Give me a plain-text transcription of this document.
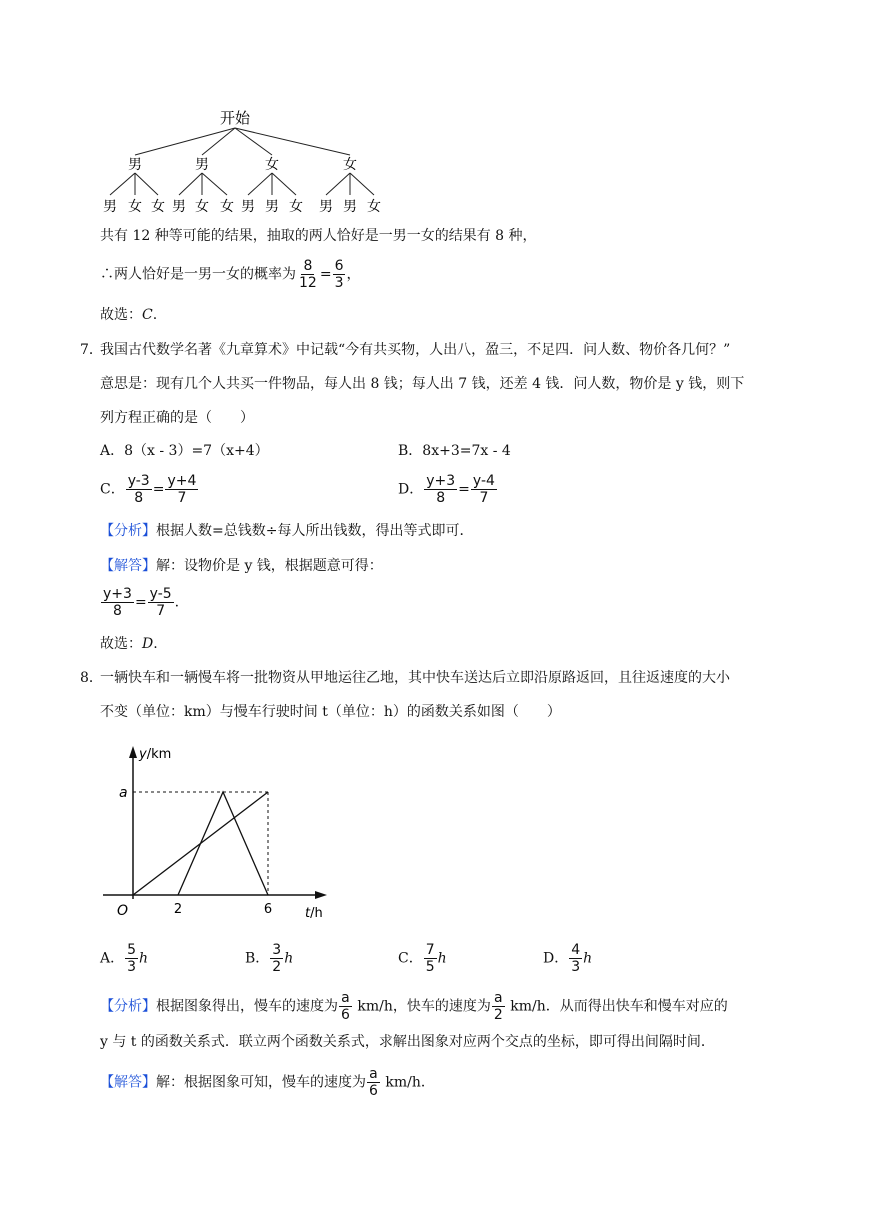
开始
男	男	女	女
男 女 女 男 女 女 男 男 女 男 男 女
共有 12 种等可能的结果，抽取的两人恰好是一男一女的结果有 8 种，
∴两人恰好是一男一女的概率为 $\frac{8}{12} = \frac{6}{3}$ ，
故选：C.
7．
我国古代数学名著《九章算术》中记载“今有共买物，人出八，盈三，不足四．问人数、物价各几何？”
意思是：现有几个人共买一件物品，每人出 8 钱；每人出 7 钱，还差 4 钱．问人数，物价是 y 钱，则下
列方程正确的是（　　）
A．8（x - 3）=7（x+4）	B．8x+3=7x - 4
C． $\frac{y-3}{8} = \frac{y+4}{7}$	D． $\frac{y+3}{8} = \frac{y-4}{7}$
【分析】根据人数=总钱数÷每人所出钱数，得出等式即可．
【解答】解：设物价是 y 钱，根据题意可得：
$\frac{y+3}{8} = \frac{y-5}{7}$ .
故选：D.
8．
一辆快车和一辆慢车将一批物资从甲地运往乙地，其中快车送达后立即沿原路返回，且往返速度的大小
不变（单位：km）与慢车行驶时间 t（单位：h）的函数关系如图（　　）
y/km
t/h
O
a
2	6
A． $\frac{5}{3}$ h	B． $\frac{3}{2}$ h	C． $\frac{7}{5}$ h	D． $\frac{4}{3}$ h
【分析】根据图象得出，慢车的速度为 $\frac{a}{6} km/h$，快车的速度为 $\frac{a}{2} km/h$．从而得出快车和慢车对应的
y 与 t 的函数关系式．联立两个函数关系式，求解出图象对应两个交点的坐标，即可得出间隔时间．
【解答】解：根据图象可知，慢车的速度为 $\frac{a}{6} km/h$．
